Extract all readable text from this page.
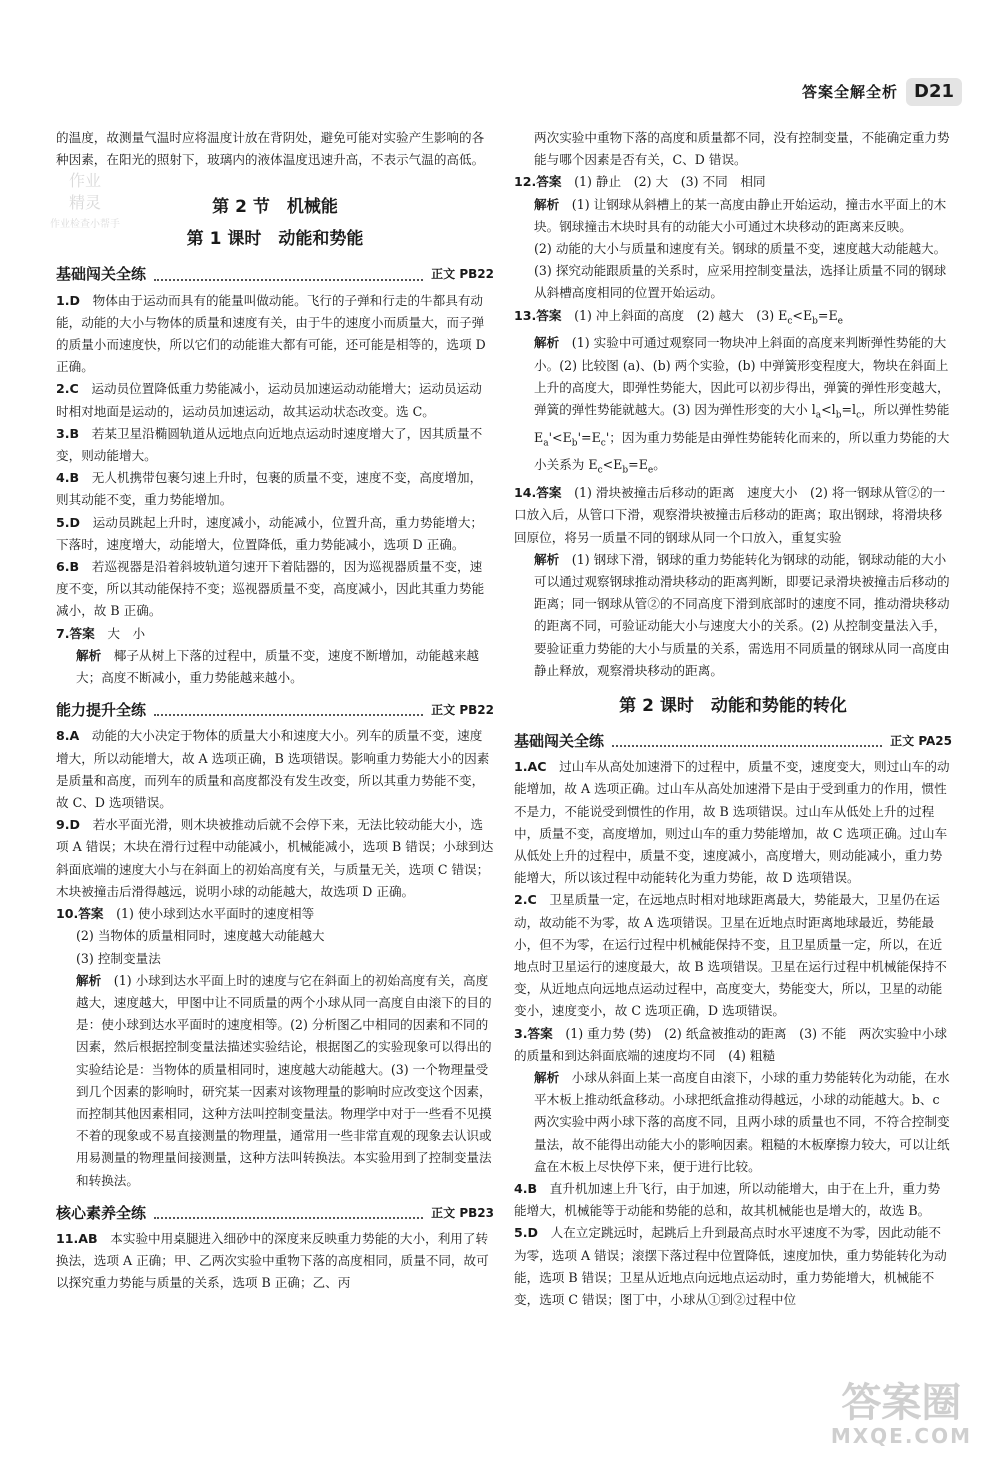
答案全解全析 D21
作业
精灵
作业检查小帮手

的温度，故测量气温时应将温度计放在背阴处，避免可能对实验产生影响的各种因素，在阳光的照射下，玻璃内的液体温度迅速升高，不表示气温的高低。

第 2 节　机械能
第 1 课时　动能和势能
基础闯关全练	正文 PB22

1.D　 物体由于运动而具有的能量叫做动能。飞行的子弹和行走的牛都具有动能，动能的大小与物体的质量和速度有关，由于牛的速度小而质量大，而子弹的质量小而速度快，所以它们的动能谁大都有可能，还可能是相等的，选项 D 正确。

2.C　 运动员位置降低重力势能减小，运动员加速运动动能增大；运动员运动时相对地面是运动的，运动员加速运动，故其运动状态改变。选 C。

3.B　 若某卫星沿椭圆轨道从远地点向近地点运动时速度增大了，因其质量不变，则动能增大。

4.B　 无人机携带包裹匀速上升时，包裹的质量不变，速度不变，高度增加，则其动能不变，重力势能增加。

5.D　 运动员跳起上升时，速度减小，动能减小，位置升高，重力势能增大；下落时，速度增大，动能增大，位置降低，重力势能减小，选项 D 正确。

6.B　 若巡视器是沿着斜坡轨道匀速开下着陆器的，因为巡视器质量不变，速度不变，所以其动能保持不变；巡视器质量不变，高度减小，因此其重力势能减小，故 B 正确。

7.答案　 大　小

解析　 椰子从树上下落的过程中，质量不变，速度不断增加，动能越来越大；高度不断减小，重力势能越来越小。

能力提升全练	正文 PB22

8.A　 动能的大小决定于物体的质量大小和速度大小。列车的质量不变，速度增大，所以动能增大，故 A 选项正确，B 选项错误。影响重力势能大小的因素是质量和高度，而列车的质量和高度都没有发生改变，所以其重力势能不变，故 C、D 选项错误。

9.D　 若水平面光滑，则木块被推动后就不会停下来，无法比较动能大小，选项 A 错误；木块在滑行过程中动能减小，机械能减小，选项 B 错误；小球到达斜面底端的速度大小与在斜面上的初始高度有关，与质量无关，选项 C 错误；木块被撞击后滑得越远，说明小球的动能越大，故选项 D 正确。

10.答案　 (1) 使小球到达水平面时的速度相等

(2) 当物体的质量相同时，速度越大动能越大

(3) 控制变量法

解析　 (1) 小球到达水平面上时的速度与它在斜面上的初始高度有关，高度越大，速度越大，甲图中让不同质量的两个小球从同一高度自由滚下的目的是：使小球到达水平面时的速度相等。(2) 分析图乙中相同的因素和不同的因素，然后根据控制变量法描述实验结论，根据图乙的实验现象可以得出的实验结论是：当物体的质量相同时，速度越大动能越大。(3) 一个物理量受到几个因素的影响时，研究某一因素对该物理量的影响时应改变这个因素，而控制其他因素相同，这种方法叫控制变量法。物理学中对于一些看不见摸不着的现象或不易直接测量的物理量，通常用一些非常直观的现象去认识或用易测量的物理量间接测量，这种方法叫转换法。本实验用到了控制变量法和转换法。

核心素养全练	正文 PB23

11.AB　 本实验中用桌腿进入细砂中的深度来反映重力势能的大小，利用了转换法，选项 A 正确；甲、乙两次实验中重物下落的高度相同，质量不同，故可以探究重力势能与质量的关系，选项 B 正确；乙、丙

两次实验中重物下落的高度和质量都不同，没有控制变量，不能确定重力势能与哪个因素是否有关，C、D 错误。

12.答案　 (1) 静止　(2) 大　(3) 不同　相同

解析　 (1) 让钢球从斜槽上的某一高度由静止开始运动，撞击水平面上的木块。钢球撞击木块时具有的动能大小可通过木块移动的距离来反映。

(2) 动能的大小与质量和速度有关。钢球的质量不变，速度越大动能越大。

(3) 探究动能跟质量的关系时，应采用控制变量法，选择让质量不同的钢球从斜槽高度相同的位置开始运动。

13.答案　 (1) 冲上斜面的高度　(2) 越大　(3) $E_c<E_b=E_e$

解析　 (1) 实验中可通过观察同一物块冲上斜面的高度来判断弹性势能的大小。(2) 比较图 (a)、(b) 两个实验，(b) 中弹簧形变程度大，物块在斜面上上升的高度大，即弹性势能大，因此可以初步得出，弹簧的弹性形变越大，弹簧的弹性势能就越大。(3) 因为弹性形变的大小 $l_a<l_b=l_c$，所以弹性势能 $E_a'<E_b'=E_c'$；因为重力势能是由弹性势能转化而来的，所以重力势能的大小关系为 $E_c<E_b=E_e$。

14.答案　 (1) 滑块被撞击后移动的距离　速度大小　(2) 将一钢球从管②的一口放入后，从管口下滑，观察滑块被撞击后移动的距离；取出钢球，将滑块移回原位，将另一质量不同的钢球从同一个口放入，重复实验

解析　 (1) 钢球下滑，钢球的重力势能转化为钢球的动能，钢球动能的大小可以通过观察钢球推动滑块移动的距离判断，即要记录滑块被撞击后移动的距离；同一钢球从管②的不同高度下滑到底部时的速度不同，推动滑块移动的距离不同，可验证动能大小与速度大小的关系。(2) 从控制变量法入手，要验证重力势能的大小与质量的关系，需选用不同质量的钢球从同一高度由静止释放，观察滑块移动的距离。

第 2 课时　动能和势能的转化
基础闯关全练	正文 PA25

1.AC　 过山车从高处加速滑下的过程中，质量不变，速度变大，则过山车的动能增加，故 A 选项正确。过山车从高处加速滑下是由于受到重力的作用，惯性不是力，不能说受到惯性的作用，故 B 选项错误。过山车从低处上升的过程中，质量不变，高度增加，则过山车的重力势能增加，故 C 选项正确。过山车从低处上升的过程中，质量不变，速度减小，高度增大，则动能减小，重力势能增大，所以该过程中动能转化为重力势能，故 D 选项错误。

2.C　 卫星质量一定，在远地点时相对地球距离最大，势能最大，卫星仍在运动，故动能不为零，故 A 选项错误。卫星在近地点时距离地球最近，势能最小，但不为零，在运行过程中机械能保持不变，且卫星质量一定，所以，在近地点时卫星运行的速度最大，故 B 选项错误。卫星在运行过程中机械能保持不变，从近地点向远地点运动过程中，高度变大，势能变大，所以，卫星的动能变小，速度变小，故 C 选项正确，D 选项错误。

3.答案　 (1) 重力势 (势)　(2) 纸盒被推动的距离　(3) 不能　两次实验中小球的质量和到达斜面底端的速度均不同　(4) 粗糙

解析　 小球从斜面上某一高度自由滚下，小球的重力势能转化为动能，在水平木板上推动纸盒移动。小球把纸盒推动得越远，小球的动能越大。b、c 两次实验中两小球下落的高度不同，且两小球的质量也不同，不符合控制变量法，故不能得出动能大小的影响因素。粗糙的木板摩擦力较大，可以让纸盒在木板上尽快停下来，便于进行比较。

4.B　 直升机加速上升飞行，由于加速，所以动能增大，由于在上升，重力势能增大，机械能等于动能和势能的总和，故其机械能也是增大的，故选 B。

5.D　 人在立定跳远时，起跳后上升到最高点时水平速度不为零，因此动能不为零，选项 A 错误；滚摆下落过程中位置降低，速度加快，重力势能转化为动能，选项 B 错误；卫星从近地点向远地点运动时，重力势能增大，机械能不变，选项 C 错误；图丁中，小球从①到②过程中位

答案圈
MXQE.COM
